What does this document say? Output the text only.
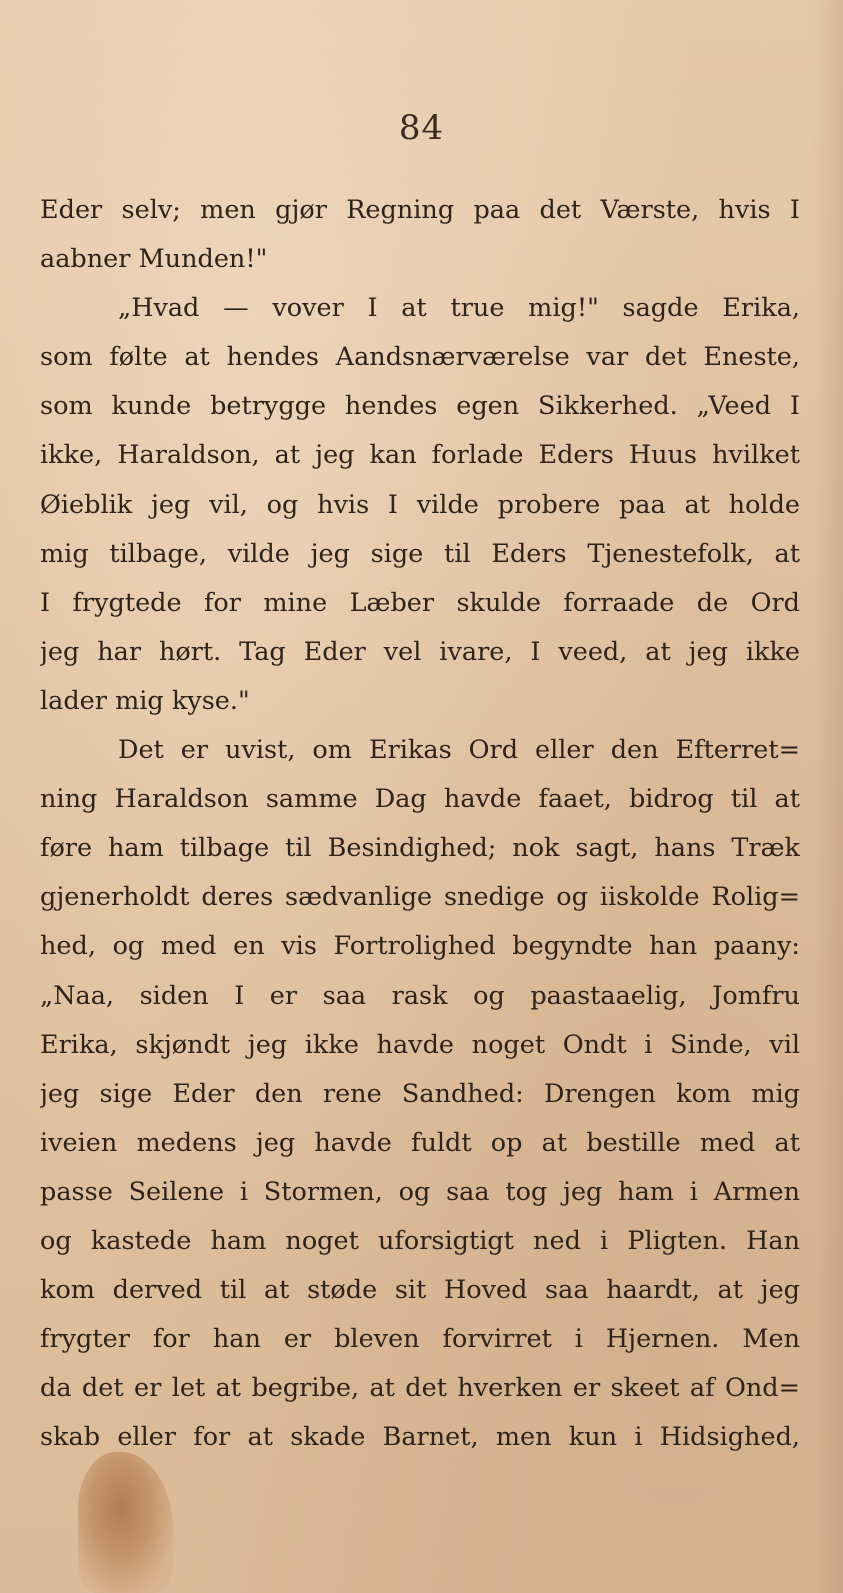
84
Eder selv; men gjør Regning paa det Værste, hvis I
aabner Munden!"
„Hvad — vover I at true mig!" sagde Erika,
som følte at hendes Aandsnærværelse var det Eneste,
som kunde betrygge hendes egen Sikkerhed. „Veed I
ikke, Haraldson, at jeg kan forlade Eders Huus hvilket
Øieblik jeg vil, og hvis I vilde probere paa at holde
mig tilbage, vilde jeg sige til Eders Tjenestefolk, at
I frygtede for mine Læber skulde forraade de Ord
jeg har hørt. Tag Eder vel ivare, I veed, at jeg ikke
lader mig kyse."
Det er uvist, om Erikas Ord eller den Efterret=
ning Haraldson samme Dag havde faaet, bidrog til at
føre ham tilbage til Besindighed; nok sagt, hans Træk
gjenerholdt deres sædvanlige snedige og iiskolde Rolig=
hed, og med en vis Fortrolighed begyndte han paany:
„Naa, siden I er saa rask og paastaaelig, Jomfru
Erika, skjøndt jeg ikke havde noget Ondt i Sinde, vil
jeg sige Eder den rene Sandhed: Drengen kom mig
iveien medens jeg havde fuldt op at bestille med at
passe Seilene i Stormen, og saa tog jeg ham i Armen
og kastede ham noget uforsigtigt ned i Pligten. Han
kom derved til at støde sit Hoved saa haardt, at jeg
frygter for han er bleven forvirret i Hjernen. Men
da det er let at begribe, at det hverken er skeet af Ond=
skab eller for at skade Barnet, men kun i Hidsighed,
